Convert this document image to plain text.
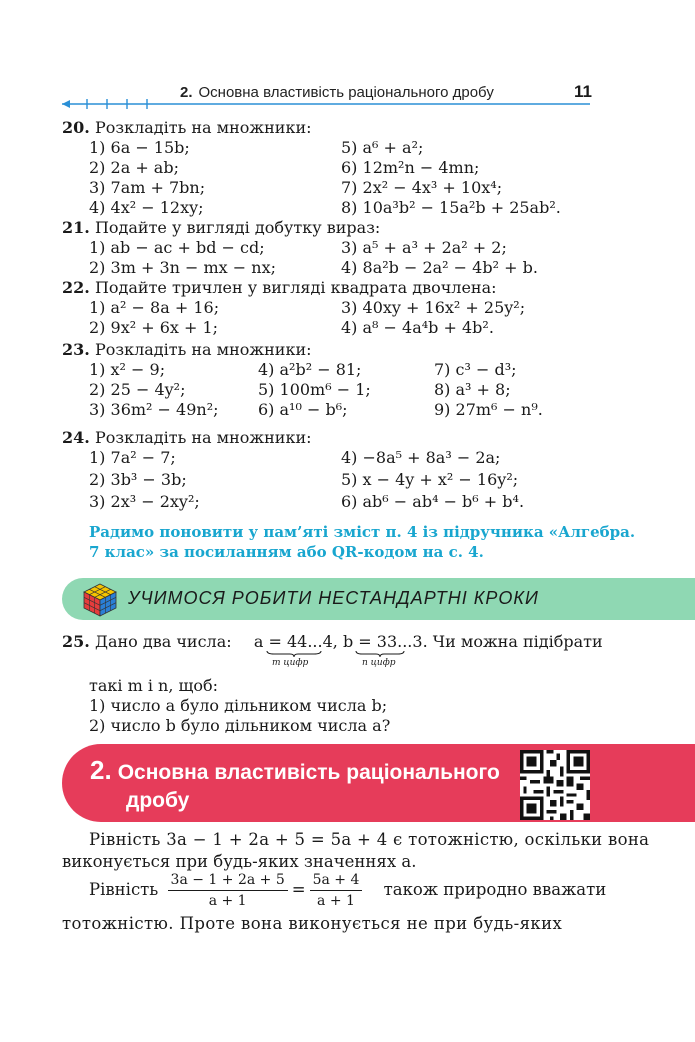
2. Основна властивість раціонального дробу	11
20. Розкладіть на множники:
1) 6a − 15b;	5) a⁶ + a²;
2) 2a + ab;	6) 12m²n − 4mn;
3) 7am + 7bn;	7) 2x² − 4x³ + 10x⁴;
4) 4x² − 12xy;	8) 10a³b² − 15a²b + 25ab².
21. Подайте у вигляді добутку вираз:
1) ab − ac + bd − cd;	3) a⁵ + a³ + 2a² + 2;
2) 3m + 3n − mx − nx;	4) 8a²b − 2a² − 4b² + b.
22. Подайте тричлен у вигляді квадрата двочлена:
1) a² − 8a + 16;	3) 40xy + 16x² + 25y²;
2) 9x² + 6x + 1;	4) a⁸ − 4a⁴b + 4b².
23. Розкладіть на множники:
1) x² − 9;	4) a²b² − 81;	7) c³ − d³;
2) 25 − 4y²;	5) 100m⁶ − 1;	8) a³ + 8;
3) 36m² − 49n²; 6) a¹⁰ − b⁶;	9) 27m⁶ − n⁹.
24. Розкладіть на множники:
1) 7a² − 7;	4) −8a⁵ + 8a³ − 2a;
2) 3b³ − 3b;	5) x − 4y + x² − 16y²;
3) 2x³ − 2xy²;	6) ab⁶ − ab⁴ − b⁶ + b⁴.
Радимо поновити у пам’яті зміст п. 4 із підручника «Алгебра.
7 клас» за посиланням або QR-кодом на с. 4.
УЧИМОСЯ РОБИТИ НЕСТАНДАРТНІ КРОКИ
25. Дано два числа: a = 44...4, b = 33...3. Чи можна підібрати
m цифр	n цифр
такі m і n, щоб:
1) число a було дільником числа b;
2) число b було дільником числа a?
2. Основна властивість раціонального
дробу
Рівність 3a − 1 + 2a + 5 = 5a + 4 є тотожністю, оскільки вона
виконується при будь-яких значеннях a.
Рівність $\frac{3a - 1 + 2a + 5}{a + 1} = \frac{5a + 4}{a + 1}$ також природно вважати
тотожністю. Проте вона виконується не при будь-яких
